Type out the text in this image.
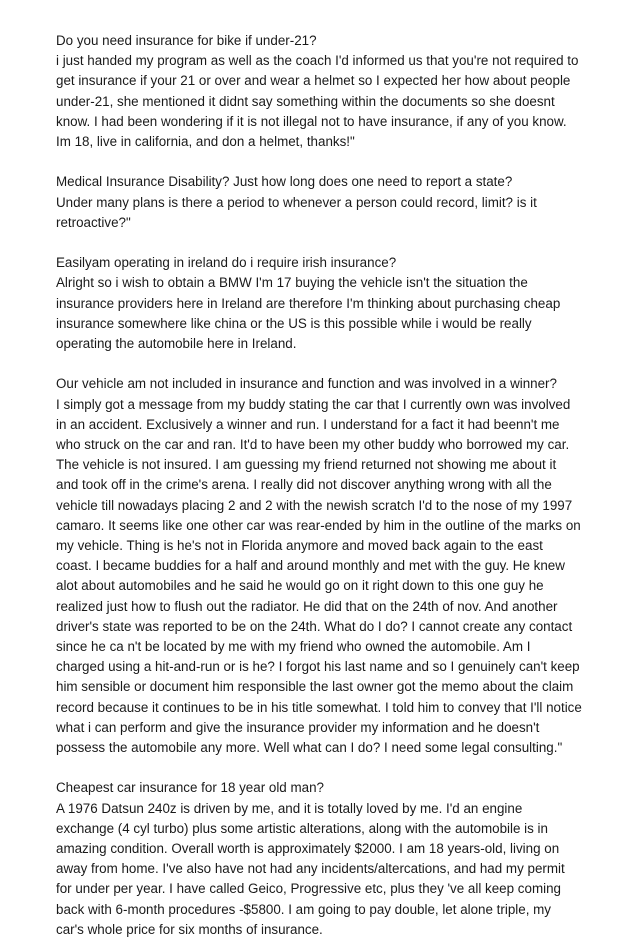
Do you need insurance for bike if under-21?

i just handed my program as well as the coach I'd informed us that you're not required to get insurance if your 21 or over and wear a helmet so I expected her how about people under-21, she mentioned it didnt say something within the documents so she doesnt know. I had been wondering if it is not illegal not to have insurance, if any of you know. Im 18, live in california, and don a helmet, thanks!"

Medical Insurance Disability? Just how long does one need to report a state?

Under many plans is there a period to whenever a person could record, limit? is it retroactive?"

Easilyam operating in ireland do i require irish insurance?

Alright so i wish to obtain a BMW I'm 17 buying the vehicle isn't the situation the insurance providers here in Ireland are therefore I'm thinking about purchasing cheap insurance somewhere like china or the US is this possible while i would be really operating the automobile here in Ireland.

Our vehicle am not included in insurance and function and was involved in a winner?

I simply got a message from my buddy stating the car that I currently own was involved in an accident. Exclusively a winner and run. I understand for a fact it had beenn't me who struck on the car and ran. It'd to have been my other buddy who borrowed my car. The vehicle is not insured. I am guessing my friend returned not showing me about it and took off in the crime's arena. I really did not discover anything wrong with all the vehicle till nowadays placing 2 and 2 with the newish scratch I'd to the nose of my 1997 camaro. It seems like one other car was rear-ended by him in the outline of the marks on my vehicle. Thing is he's not in Florida anymore and moved back again to the east coast. I became buddies for a half and around monthly and met with the guy. He knew alot about automobiles and he said he would go on it right down to this one guy he realized just how to flush out the radiator. He did that on the 24th of nov. And another driver's state was reported to be on the 24th. What do I do? I cannot create any contact since he ca n't be located by me with my friend who owned the automobile. Am I charged using a hit-and-run or is he? I forgot his last name and so I genuinely can't keep him sensible or document him responsible the last owner got the memo about the claim record because it continues to be in his title somewhat. I told him to convey that I'll notice what i can perform and give the insurance provider my information and he doesn't possess the automobile any more. Well what can I do? I need some legal consulting."

Cheapest car insurance for 18 year old man?

A 1976 Datsun 240z is driven by me, and it is totally loved by me. I'd an engine exchange (4 cyl turbo) plus some artistic alterations, along with the automobile is in amazing condition. Overall worth is approximately $2000. I am 18 years-old, living on away from home. I've also have not had any incidents/altercations, and had my permit for under per year. I have called Geico, Progressive etc, plus they 've all keep coming back with 6-month procedures -$5800. I am going to pay double, let alone triple, my car's whole price for six months of insurance.
